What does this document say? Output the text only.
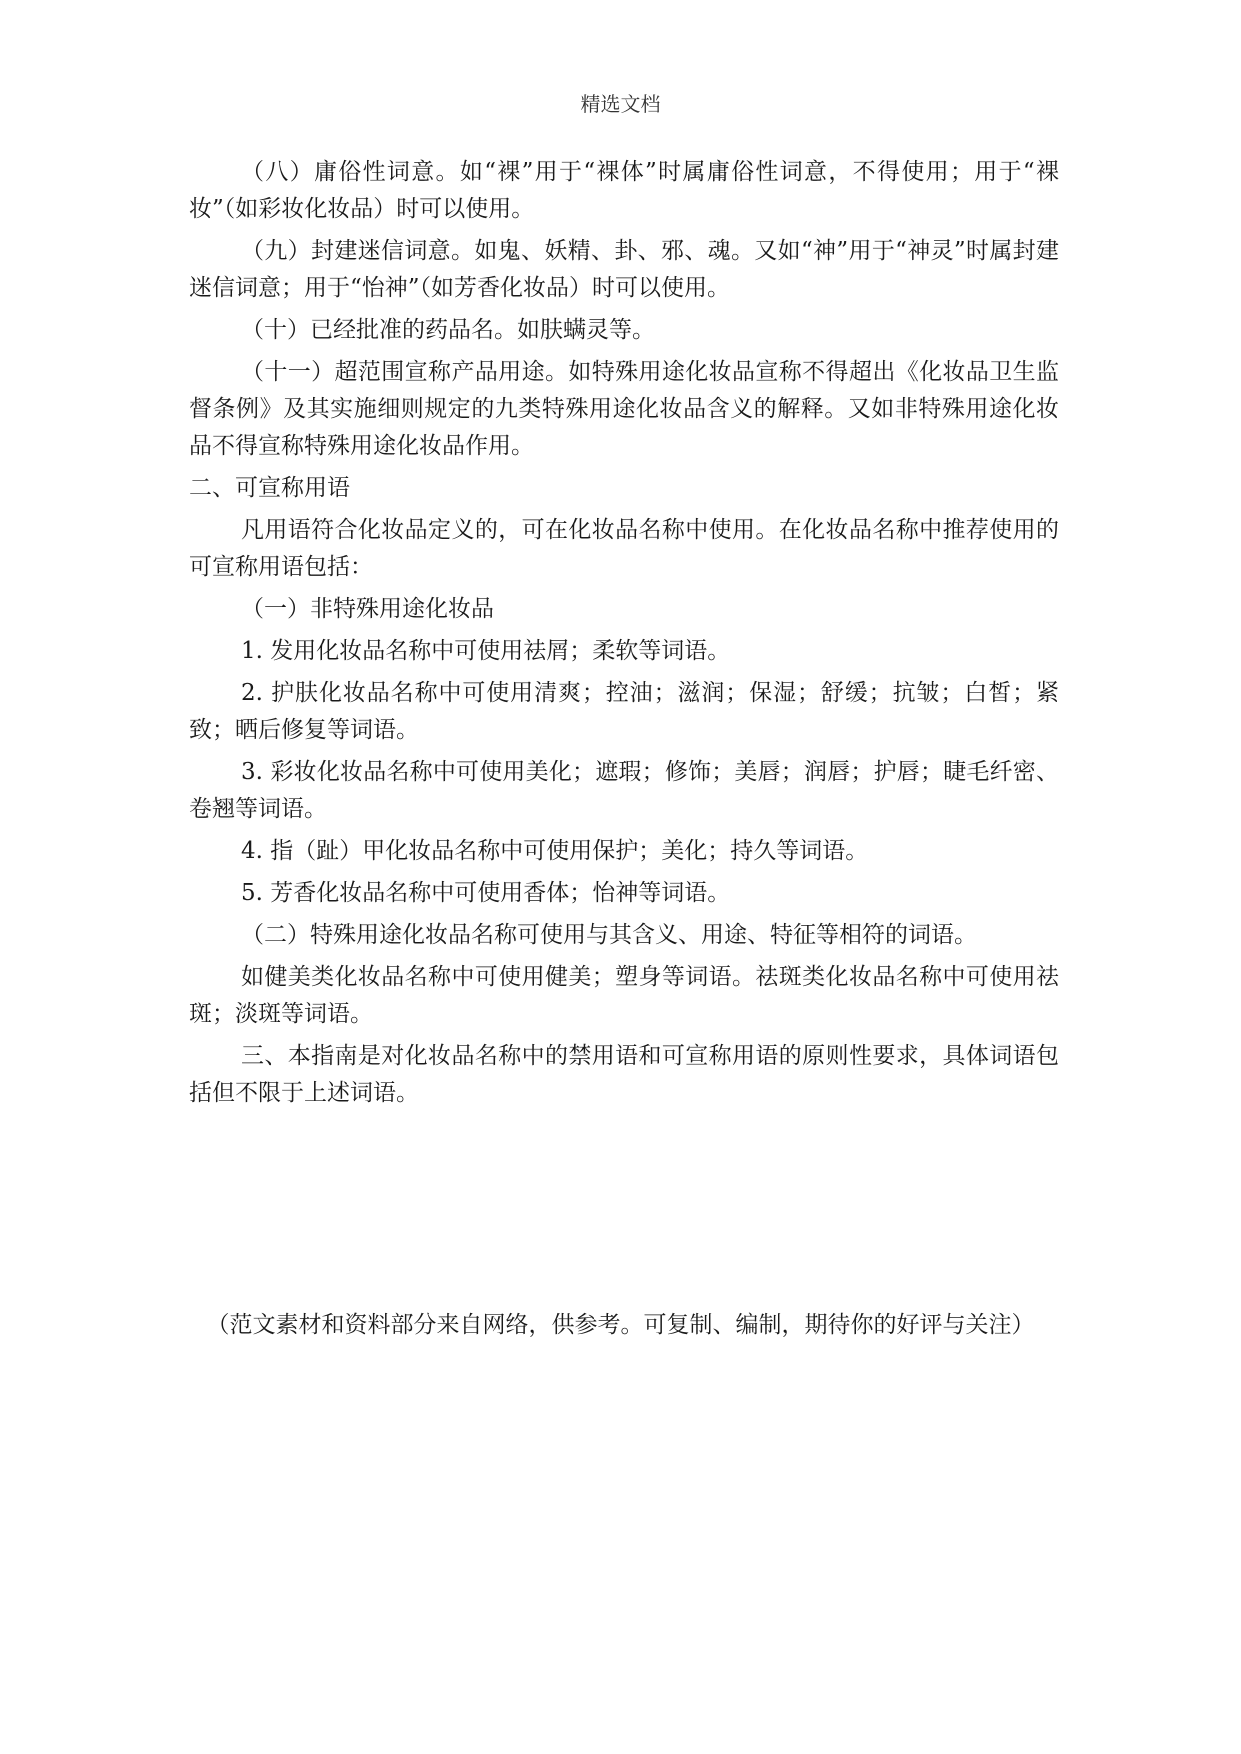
精选文档

（八）庸俗性词意。如“裸”用于“裸体”时属庸俗性词意，不得使用；用于“裸妆”（如彩妆化妆品）时可以使用。

（九）封建迷信词意。如鬼、妖精、卦、邪、魂。又如“神”用于“神灵”时属封建迷信词意；用于“怡神”（如芳香化妆品）时可以使用。

（十）已经批准的药品名。如肤螨灵等。

（十一）超范围宣称产品用途。如特殊用途化妆品宣称不得超出《化妆品卫生监督条例》及其实施细则规定的九类特殊用途化妆品含义的解释。又如非特殊用途化妆品不得宣称特殊用途化妆品作用。

二、可宣称用语

凡用语符合化妆品定义的，可在化妆品名称中使用。在化妆品名称中推荐使用的可宣称用语包括：

（一）非特殊用途化妆品

1. 发用化妆品名称中可使用祛屑；柔软等词语。

2. 护肤化妆品名称中可使用清爽；控油；滋润；保湿；舒缓；抗皱；白皙；紧致；晒后修复等词语。

3. 彩妆化妆品名称中可使用美化；遮瑕；修饰；美唇；润唇；护唇；睫毛纤密、卷翘等词语。

4. 指（趾）甲化妆品名称中可使用保护；美化；持久等词语。

5. 芳香化妆品名称中可使用香体；怡神等词语。

（二）特殊用途化妆品名称可使用与其含义、用途、特征等相符的词语。

如健美类化妆品名称中可使用健美；塑身等词语。祛斑类化妆品名称中可使用祛斑；淡斑等词语。

三、本指南是对化妆品名称中的禁用语和可宣称用语的原则性要求，具体词语包括但不限于上述词语。

（范文素材和资料部分来自网络，供参考。可复制、编制，期待你的好评与关注）
